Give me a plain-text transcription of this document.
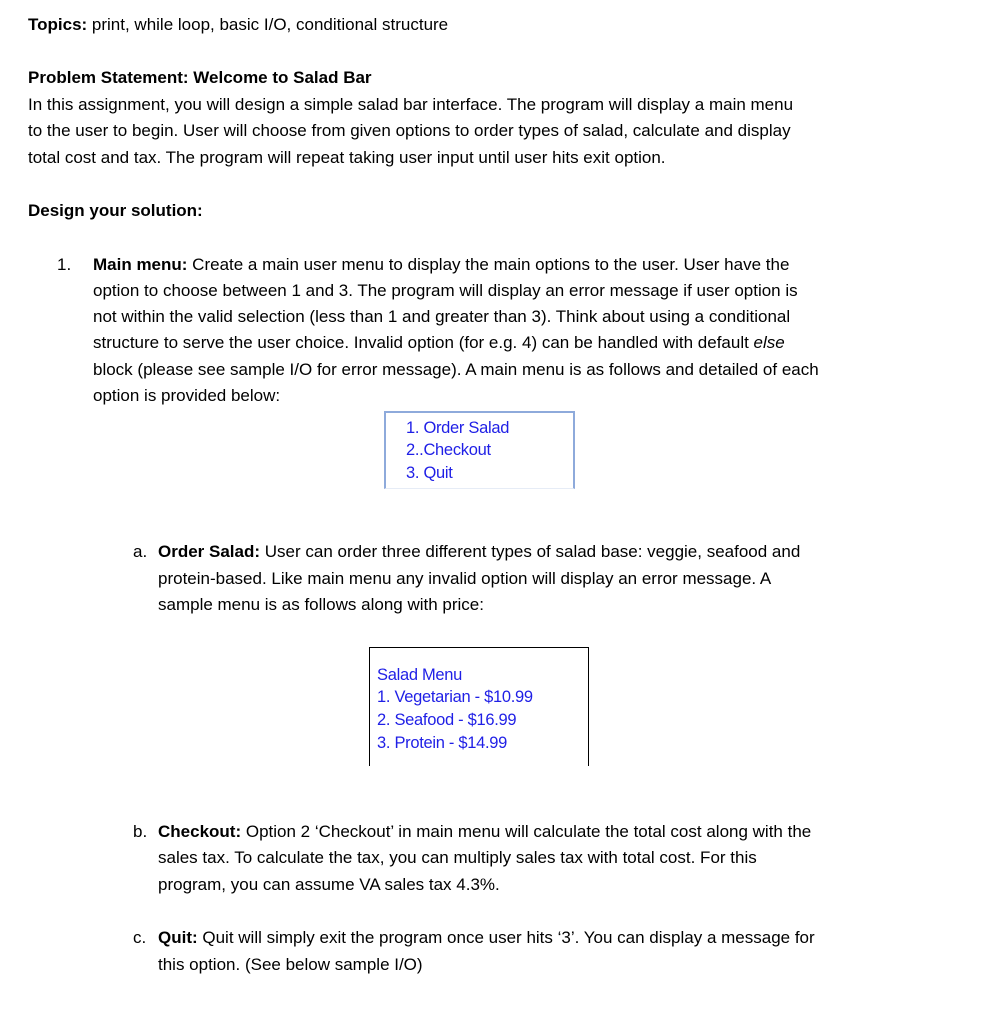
Topics: print, while loop, basic I/O, conditional structure
Problem Statement: Welcome to Salad Bar
In this assignment, you will design a simple salad bar interface. The program will display a main menu
to the user to begin. User will choose from given options to order types of salad, calculate and display
total cost and tax. The program will repeat taking user input until user hits exit option.
Design your solution:
1. Main menu: Create a main user menu to display the main options to the user. User have the
option to choose between 1 and 3. The program will display an error message if user option is
not within the valid selection (less than 1 and greater than 3). Think about using a conditional
structure to serve the user choice. Invalid option (for e.g. 4) can be handled with default else
block (please see sample I/O for error message). A main menu is as follows and detailed of each
option is provided below:
1. Order Salad
2..Checkout
3. Quit
a. Order Salad: User can order three different types of salad base: veggie, seafood and
protein-based. Like main menu any invalid option will display an error message. A
sample menu is as follows along with price:
Salad Menu
1. Vegetarian - $10.99
2. Seafood - $16.99
3. Protein - $14.99
b. Checkout: Option 2 ‘Checkout’ in main menu will calculate the total cost along with the
sales tax. To calculate the tax, you can multiply sales tax with total cost. For this
program, you can assume VA sales tax 4.3%.
c. Quit: Quit will simply exit the program once user hits ‘3’. You can display a message for
this option. (See below sample I/O)
